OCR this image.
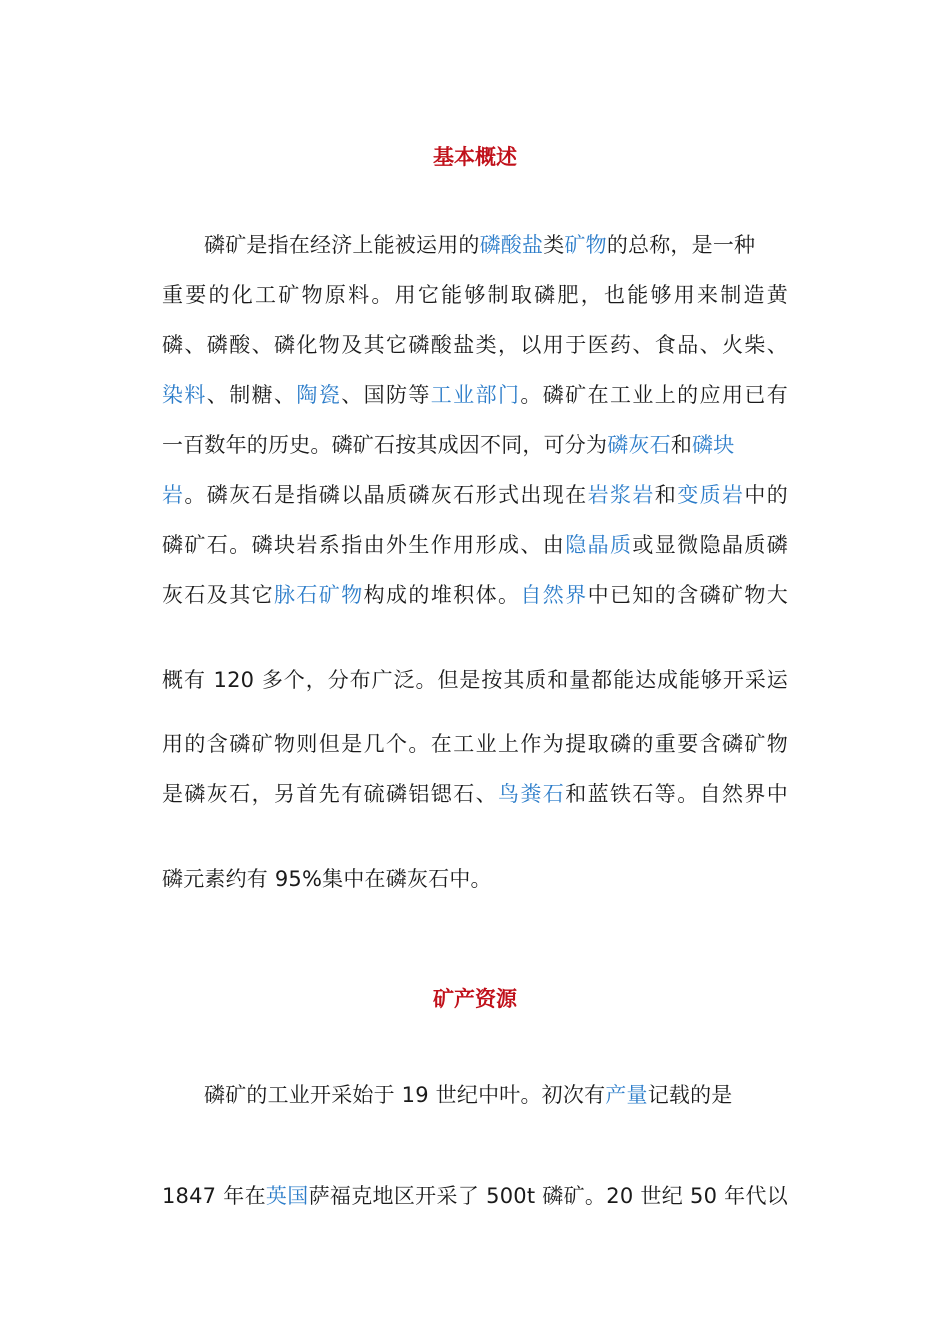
基本概述
磷矿是指在经济上能被运用的磷酸盐类矿物的总称，是一种
重要的化工矿物原料。用它能够制取磷肥，也能够用来制造黄
磷、磷酸、磷化物及其它磷酸盐类，以用于医药、食品、火柴、
染料、制糖、陶瓷、国防等工业部门。磷矿在工业上的应用已有
一百数年的历史。磷矿石按其成因不同，可分为磷灰石和磷块
岩。磷灰石是指磷以晶质磷灰石形式出现在岩浆岩和变质岩中的
磷矿石。磷块岩系指由外生作用形成、由隐晶质或显微隐晶质磷
灰石及其它脉石矿物构成的堆积体。自然界中已知的含磷矿物大
概有 120 多个，分布广泛。但是按其质和量都能达成能够开采运
用的含磷矿物则但是几个。在工业上作为提取磷的重要含磷矿物
是磷灰石，另首先有硫磷铝锶石、鸟粪石和蓝铁石等。自然界中
磷元素约有 95%集中在磷灰石中。
矿产资源
磷矿的工业开采始于 19 世纪中叶。初次有产量记载的是
1847 年在英国萨福克地区开采了 500t 磷矿。20 世纪 50 年代以
